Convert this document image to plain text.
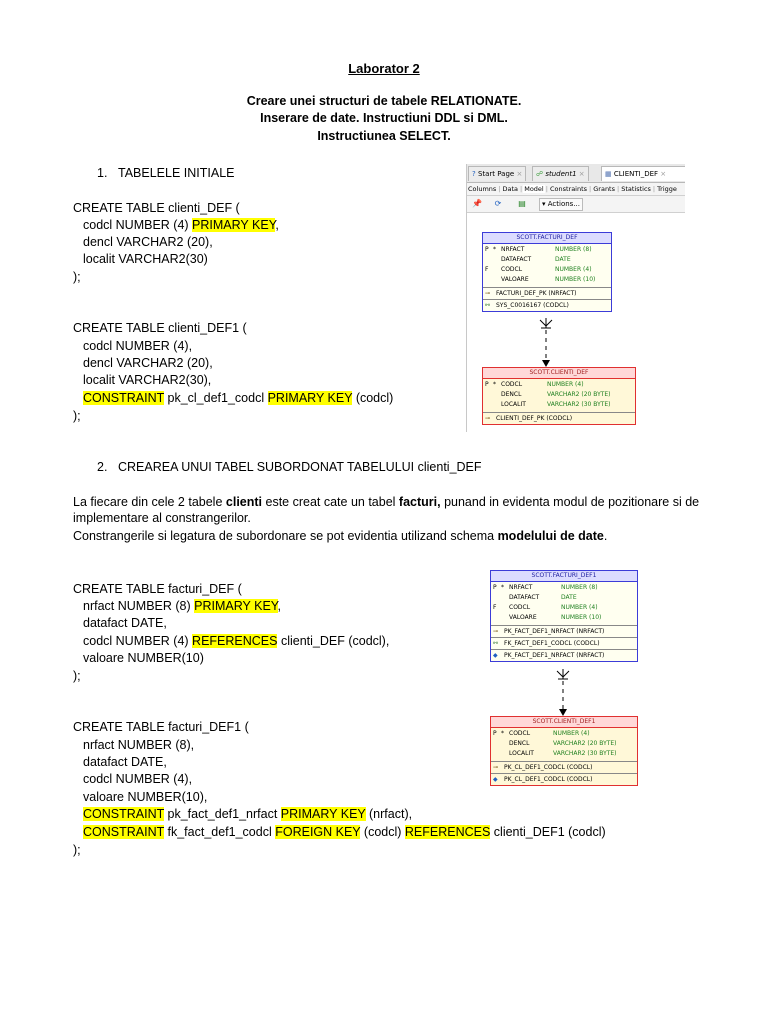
Laborator 2
Creare unei structuri de tabele RELATIONATE.
Inserare de date. Instructiuni DDL si DML.
Instructiunea SELECT.
1. TABELELE INITIALE
CREATE TABLE clienti_DEF (
codcl NUMBER (4) PRIMARY KEY,
dencl VARCHAR2 (20),
localit VARCHAR2(30)
);
CREATE TABLE clienti_DEF1 (
codcl NUMBER (4),
dencl VARCHAR2 (20),
localit VARCHAR2(30),
CONSTRAINT pk_cl_def1_codcl PRIMARY KEY (codcl)
);
? Start Page ×	☍ student1 ×	▦ CLIENTI_DEF ×
Columns | Data | Model | Constraints | Grants | Statistics | Trigge
📌 ⟳ ▤	▾ Actions...
SCOTT.FACTURI_DEF
P * NRFACT	NUMBER (8)
DATAFACT	DATE
F CODCL	NUMBER (4)
VALOARE	NUMBER (10)
⊸ FACTURI_DEF_PK (NRFACT)
⚯ SYS_C0016167 (CODCL)
SCOTT.CLIENTI_DEF
P * CODCL	NUMBER (4)
DENCL	VARCHAR2 (20 BYTE)
LOCALIT	VARCHAR2 (30 BYTE)
⊸ CLIENTI_DEF_PK (CODCL)
2. CREAREA UNUI TABEL SUBORDONAT TABELULUI clienti_DEF
La fiecare din cele 2 tabele clienti este creat cate un tabel facturi, punand in evidenta modul de pozitionare si de implementare al constrangerilor.
Constrangerile si legatura de subordonare se pot evidentia utilizand schema modelului de date.
CREATE TABLE facturi_DEF (
nrfact NUMBER (8) PRIMARY KEY,
datafact DATE,
codcl NUMBER (4) REFERENCES clienti_DEF (codcl),
valoare NUMBER(10)
);
CREATE TABLE facturi_DEF1 (
nrfact NUMBER (8),
datafact DATE,
codcl NUMBER (4),
valoare NUMBER(10),
CONSTRAINT pk_fact_def1_nrfact PRIMARY KEY (nrfact),
CONSTRAINT fk_fact_def1_codcl FOREIGN KEY (codcl) REFERENCES clienti_DEF1 (codcl)
);
SCOTT.FACTURI_DEF1
P * NRFACT	NUMBER (8)
DATAFACT	DATE
F CODCL	NUMBER (4)
VALOARE	NUMBER (10)
⊸ PK_FACT_DEF1_NRFACT (NRFACT)
⚯ FK_FACT_DEF1_CODCL (CODCL)
◆ PK_FACT_DEF1_NRFACT (NRFACT)
SCOTT.CLIENTI_DEF1
P * CODCL	NUMBER (4)
DENCL	VARCHAR2 (20 BYTE)
LOCALIT	VARCHAR2 (30 BYTE)
⊸ PK_CL_DEF1_CODCL (CODCL)
◆ PK_CL_DEF1_CODCL (CODCL)
